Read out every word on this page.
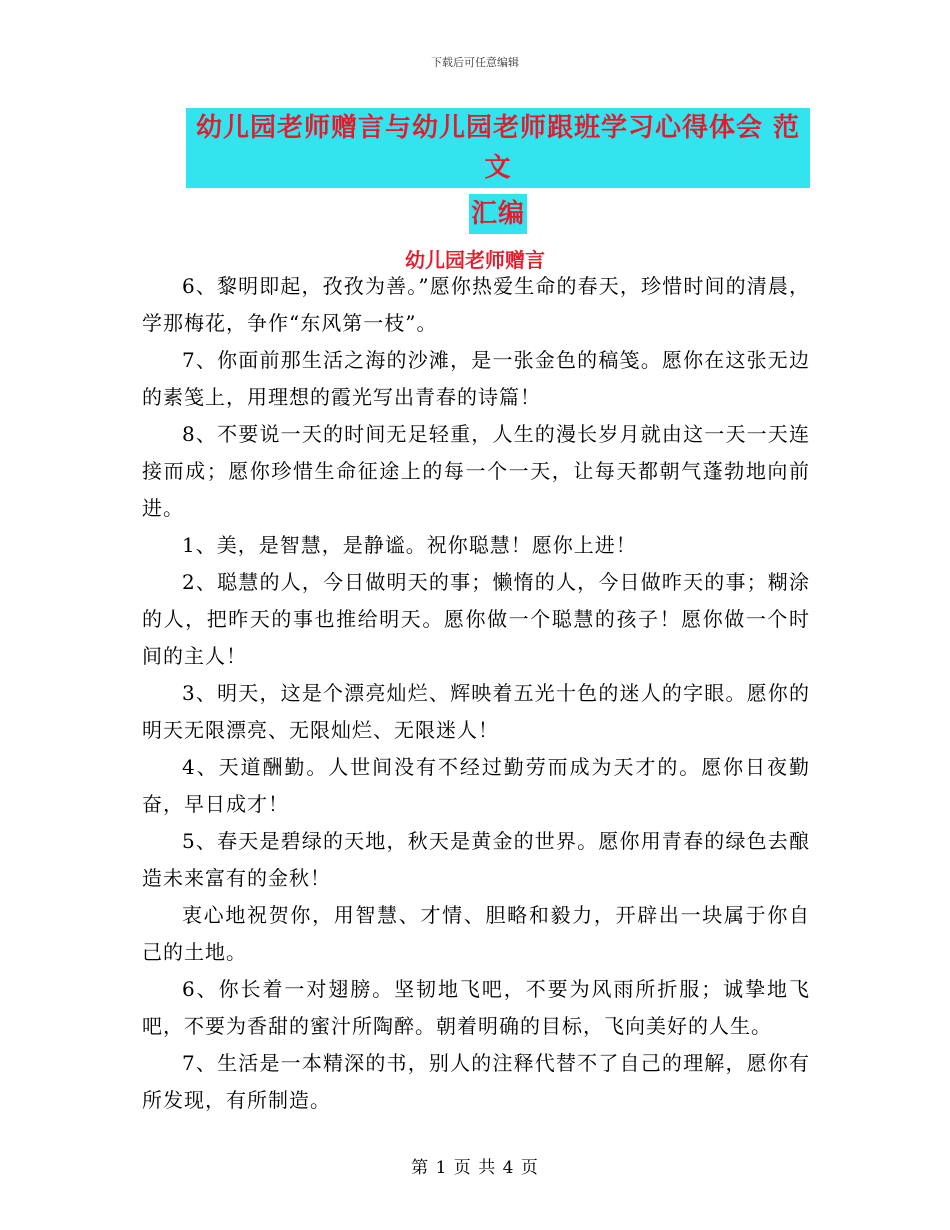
下载后可任意编辑
幼儿园老师赠言与幼儿园老师跟班学习心得体会 范文
汇编
幼儿园老师赠言

6、黎明即起，孜孜为善。”愿你热爱生命的春天，珍惜时间的清晨，学那梅花，争作“东风第一枝”。

7、你面前那生活之海的沙滩，是一张金色的稿笺。愿你在这张无边的素笺上，用理想的霞光写出青春的诗篇！

8、不要说一天的时间无足轻重，人生的漫长岁月就由这一天一天连接而成；愿你珍惜生命征途上的每一个一天，让每天都朝气蓬勃地向前进。

1、美，是智慧，是静谧。祝你聪慧！愿你上进！

2、聪慧的人，今日做明天的事；懒惰的人，今日做昨天的事；糊涂的人，把昨天的事也推给明天。愿你做一个聪慧的孩子！愿你做一个时间的主人！

3、明天，这是个漂亮灿烂、辉映着五光十色的迷人的字眼。愿你的明天无限漂亮、无限灿烂、无限迷人！

4、天道酬勤。人世间没有不经过勤劳而成为天才的。愿你日夜勤奋，早日成才！

5、春天是碧绿的天地，秋天是黄金的世界。愿你用青春的绿色去酿造未来富有的金秋！

衷心地祝贺你，用智慧、才情、胆略和毅力，开辟出一块属于你自己的土地。

6、你长着一对翅膀。坚韧地飞吧，不要为风雨所折服；诚挚地飞吧，不要为香甜的蜜汁所陶醉。朝着明确的目标，飞向美好的人生。

7、生活是一本精深的书，别人的注释代替不了自己的理解，愿你有所发现，有所制造。

第 1 页 共 4 页
